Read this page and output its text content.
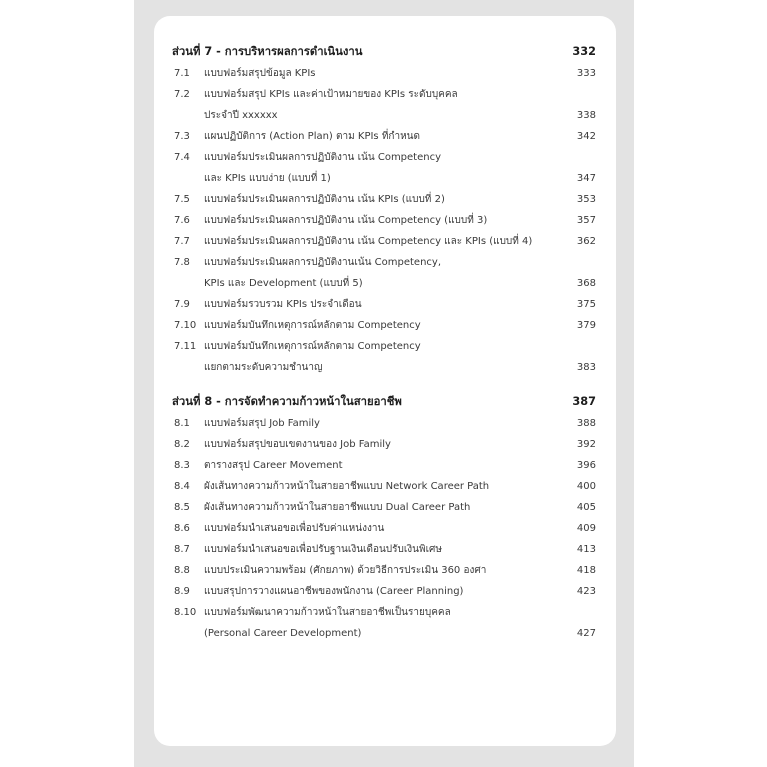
ส่วนที่ 7 - การบริหารผลการดำเนินงาน	332
7.1	แบบฟอร์มสรุปข้อมูล KPIs	333
7.2	แบบฟอร์มสรุป KPIs และค่าเป้าหมายของ KPIs ระดับบุคคล
ประจำปี xxxxxx	338
7.3	แผนปฏิบัติการ (Action Plan) ตาม KPIs ที่กำหนด	342
7.4	แบบฟอร์มประเมินผลการปฏิบัติงาน เน้น Competency
และ KPIs แบบง่าย (แบบที่ 1)	347
7.5	แบบฟอร์มประเมินผลการปฏิบัติงาน เน้น KPIs (แบบที่ 2)	353
7.6	แบบฟอร์มประเมินผลการปฏิบัติงาน เน้น Competency (แบบที่ 3)	357
7.7	แบบฟอร์มประเมินผลการปฏิบัติงาน เน้น Competency และ KPIs (แบบที่ 4)	362
7.8	แบบฟอร์มประเมินผลการปฏิบัติงานเน้น Competency,
KPIs และ Development (แบบที่ 5)	368
7.9	แบบฟอร์มรวบรวม KPIs ประจำเดือน	375
7.10 แบบฟอร์มบันทึกเหตุการณ์หลักตาม Competency	379
7.11 แบบฟอร์มบันทึกเหตุการณ์หลักตาม Competency
แยกตามระดับความชำนาญ	383
ส่วนที่ 8 - การจัดทำความก้าวหน้าในสายอาชีพ	387
8.1	แบบฟอร์มสรุป Job Family	388
8.2	แบบฟอร์มสรุปขอบเขตงานของ Job Family	392
8.3	ตารางสรุป Career Movement	396
8.4	ผังเส้นทางความก้าวหน้าในสายอาชีพแบบ Network Career Path	400
8.5	ผังเส้นทางความก้าวหน้าในสายอาชีพแบบ Dual Career Path	405
8.6	แบบฟอร์มนำเสนอขอเพื่อปรับค่าแหน่งงาน	409
8.7	แบบฟอร์มนำเสนอขอเพื่อปรับฐานเงินเดือนปรับเงินพิเศษ	413
8.8	แบบประเมินความพร้อม (ศักยภาพ) ด้วยวิธีการประเมิน 360 องศา	418
8.9	แบบสรุปการวางแผนอาชีพของพนักงาน (Career Planning)	423
8.10 แบบฟอร์มพัฒนาความก้าวหน้าในสายอาชีพเป็นรายบุคคล
(Personal Career Development)	427
